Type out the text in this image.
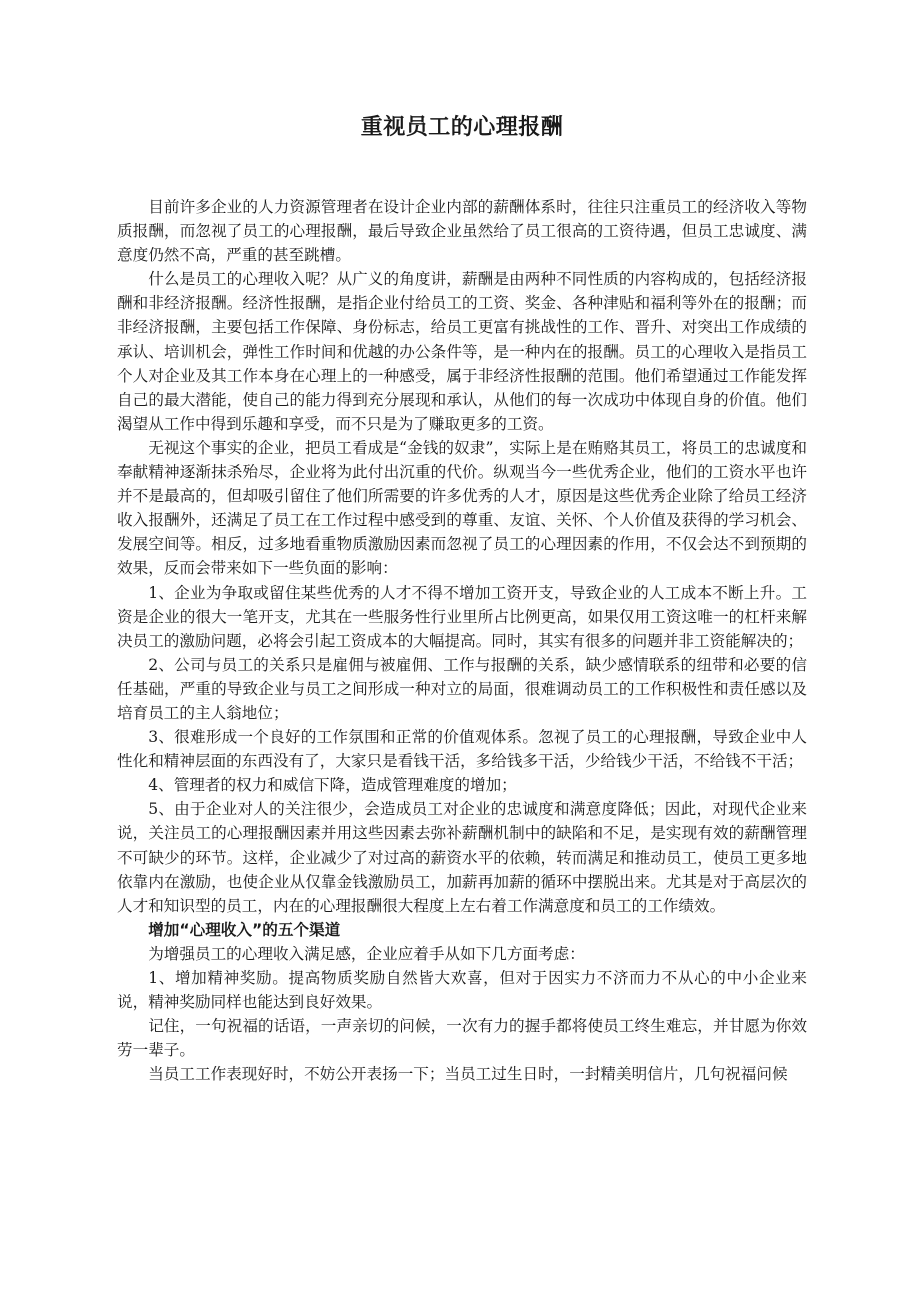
重视员工的心理报酬

目前许多企业的人力资源管理者在设计企业内部的薪酬体系时，往往只注重员工的经济收入等物质报酬，而忽视了员工的心理报酬，最后导致企业虽然给了员工很高的工资待遇，但员工忠诚度、满意度仍然不高，严重的甚至跳槽。

什么是员工的心理收入呢？从广义的角度讲，薪酬是由两种不同性质的内容构成的，包括经济报酬和非经济报酬。经济性报酬，是指企业付给员工的工资、奖金、各种津贴和福利等外在的报酬；而非经济报酬，主要包括工作保障、身份标志，给员工更富有挑战性的工作、晋升、对突出工作成绩的承认、培训机会，弹性工作时间和优越的办公条件等，是一种内在的报酬。员工的心理收入是指员工个人对企业及其工作本身在心理上的一种感受，属于非经济性报酬的范围。他们希望通过工作能发挥自己的最大潜能，使自己的能力得到充分展现和承认，从他们的每一次成功中体现自身的价值。他们渴望从工作中得到乐趣和享受，而不只是为了赚取更多的工资。

无视这个事实的企业，把员工看成是“金钱的奴隶”，实际上是在贿赂其员工，将员工的忠诚度和奉献精神逐渐抹杀殆尽，企业将为此付出沉重的代价。纵观当今一些优秀企业，他们的工资水平也许并不是最高的，但却吸引留住了他们所需要的许多优秀的人才，原因是这些优秀企业除了给员工经济收入报酬外，还满足了员工在工作过程中感受到的尊重、友谊、关怀、个人价值及获得的学习机会、发展空间等。相反，过多地看重物质激励因素而忽视了员工的心理因素的作用，不仅会达不到预期的效果，反而会带来如下一些负面的影响：

1、企业为争取或留住某些优秀的人才不得不增加工资开支，导致企业的人工成本不断上升。工资是企业的很大一笔开支，尤其在一些服务性行业里所占比例更高，如果仅用工资这唯一的杠杆来解决员工的激励问题，必将会引起工资成本的大幅提高。同时，其实有很多的问题并非工资能解决的；

2、公司与员工的关系只是雇佣与被雇佣、工作与报酬的关系，缺少感情联系的纽带和必要的信任基础，严重的导致企业与员工之间形成一种对立的局面，很难调动员工的工作积极性和责任感以及培育员工的主人翁地位；

3、很难形成一个良好的工作氛围和正常的价值观体系。忽视了员工的心理报酬，导致企业中人性化和精神层面的东西没有了，大家只是看钱干活，多给钱多干活，少给钱少干活，不给钱不干活；

4、管理者的权力和威信下降，造成管理难度的增加；

5、由于企业对人的关注很少，会造成员工对企业的忠诚度和满意度降低；因此，对现代企业来说，关注员工的心理报酬因素并用这些因素去弥补薪酬机制中的缺陷和不足，是实现有效的薪酬管理不可缺少的环节。这样，企业减少了对过高的薪资水平的依赖，转而满足和推动员工，使员工更多地依靠内在激励，也使企业从仅靠金钱激励员工，加薪再加薪的循环中摆脱出来。尤其是对于高层次的人才和知识型的员工，内在的心理报酬很大程度上左右着工作满意度和员工的工作绩效。

增加“心理收入”的五个渠道

为增强员工的心理收入满足感，企业应着手从如下几方面考虑：

1、增加精神奖励。提高物质奖励自然皆大欢喜，但对于因实力不济而力不从心的中小企业来说，精神奖励同样也能达到良好效果。

记住，一句祝福的话语，一声亲切的问候，一次有力的握手都将使员工终生难忘，并甘愿为你效劳一辈子。

当员工工作表现好时，不妨公开表扬一下；当员工过生日时，一封精美明信片，几句祝福问候
